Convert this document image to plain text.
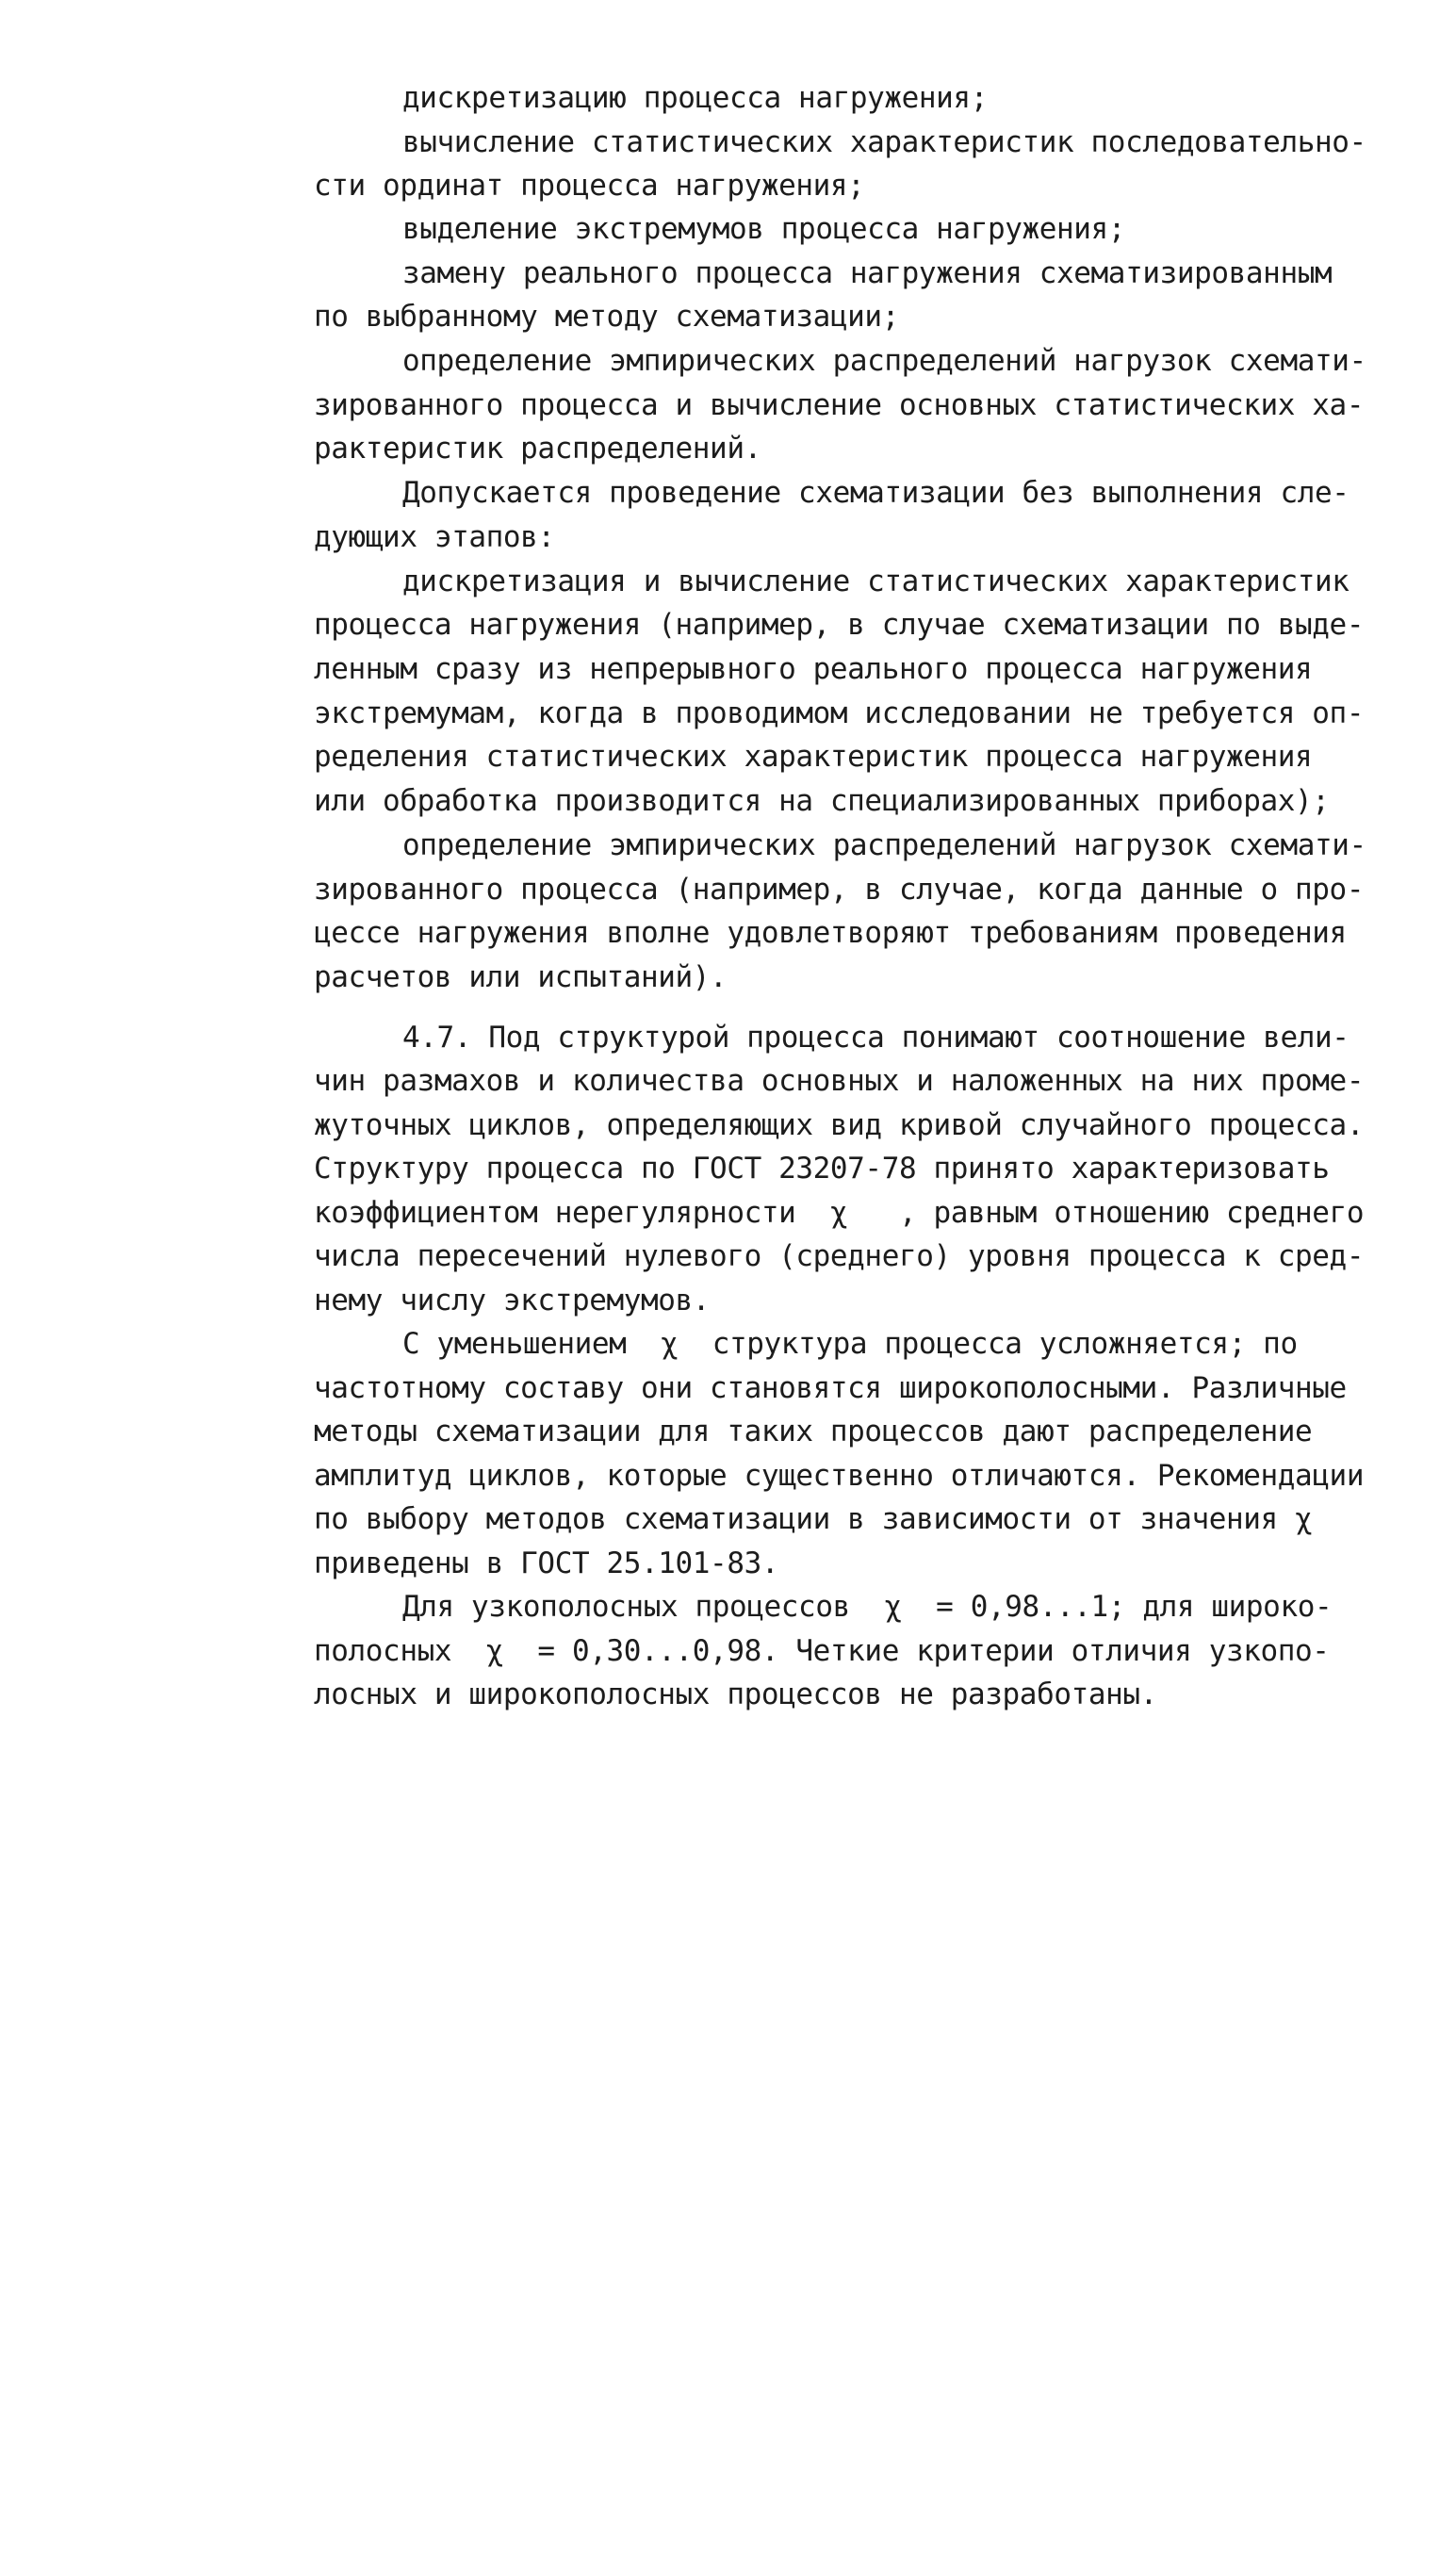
дискретизацию процесса нагружения;
вычисление статистических характеристик последовательно-
сти ординат процесса нагружения;
выделение экстремумов процесса нагружения;
замену реального процесса нагружения схематизированным
по выбранному методу схематизации;
определение эмпирических распределений нагрузок схемати-
зированного процесса и вычисление основных статистических ха-
рактеристик распределений.
Допускается проведение схематизации без выполнения сле-
дующих этапов:
дискретизация и вычисление статистических характеристик
процесса нагружения (например, в случае схематизации по выде-
ленным сразу из непрерывного реального процесса нагружения
экстремумам, когда в проводимом исследовании не требуется оп-
ределения статистических характеристик процесса нагружения
или обработка производится на специализированных приборах);
определение эмпирических распределений нагрузок схемати-
зированного процесса (например, в случае, когда данные о про-
цессе нагружения вполне удовлетворяют требованиям проведения
расчетов или испытаний).
4.7. Под структурой процесса понимают соотношение вели-
чин размахов и количества основных и наложенных на них проме-
жуточных циклов, определяющих вид кривой случайного процесса.
Структуру процесса по ГОСТ 23207-78 принято характеризовать
коэффициентом нерегулярности  χ   , равным отношению среднего
числа пересечений нулевого (среднего) уровня процесса к сред-
нему числу экстремумов.
С уменьшением  χ  структура процесса усложняется; по
частотному составу они становятся широкополосными. Различные
методы схематизации для таких процессов дают распределение
амплитуд циклов, которые существенно отличаются. Рекомендации
по выбору методов схематизации в зависимости от значения χ
приведены в ГОСТ 25.101-83.
Для узкополосных процессов  χ  = 0,98...1; для широко-
полосных  χ  = 0,30...0,98. Четкие критерии отличия узкопо-
лосных и широкополосных процессов не разработаны.
